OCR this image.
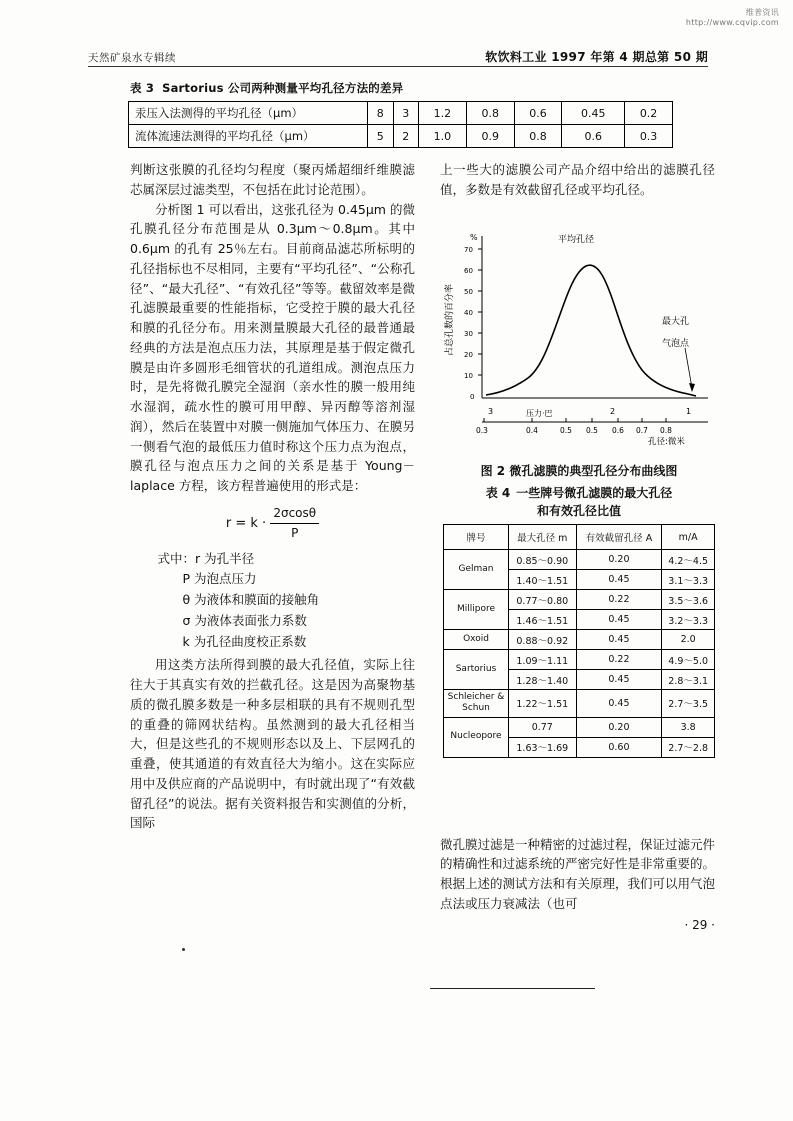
维普资讯
http://www.cqvip.com
天然矿泉水专辑续	软饮料工业 1997 年第 4 期总第 50 期
表 3 Sartorius 公司两种测量平均孔径方法的差异
汞压入法测得的平均孔径（μm）	8	3	1.2	0.8	0.6	0.45	0.2
流体流速法测得的平均孔径（μm）	5	2	1.0	0.9	0.8	0.6	0.3

判断这张膜的孔径均匀程度（聚丙烯超细纤维膜滤芯属深层过滤类型，不包括在此讨论范围）。

分析图 1 可以看出，这张孔径为 0.45μm 的微孔膜孔径分布范围是从 0.3μm～0.8μm。其中 0.6μm 的孔有 25％左右。目前商品滤芯所标明的孔径指标也不尽相同，主要有“平均孔径”、“公称孔径”、“最大孔径”、“有效孔径”等等。截留效率是微孔滤膜最重要的性能指标，它受控于膜的最大孔径和膜的孔径分布。用来测量膜最大孔径的最普通最经典的方法是泡点压力法，其原理是基于假定微孔膜是由许多圆形毛细管状的孔道组成。测泡点压力时，是先将微孔膜完全湿润（亲水性的膜一般用纯水湿润，疏水性的膜可用甲醇、异丙醇等溶剂湿润），然后在装置中对膜一侧施加气体压力、在膜另一侧看气泡的最低压力值时称这个压力点为泡点，膜孔径与泡点压力之间的关系是基于 Young－laplace 方程，该方程普遍使用的形式是：

$r = k \cdot \frac{2\sigma\cos\theta}{P}$
式中：r 为孔半径
P 为泡点压力
θ 为液体和膜面的接触角
σ 为液体表面张力系数
k 为孔径曲度校正系数

用这类方法所得到膜的最大孔径值，实际上往往大于其真实有效的拦截孔径。这是因为高聚物基质的微孔膜多数是一种多层相联的具有不规则孔型的重叠的筛网状结构。虽然测到的最大孔径相当大，但是这些孔的不规则形态以及上、下层网孔的重叠，使其通道的有效直径大为缩小。这在实际应用中及供应商的产品说明中，有时就出现了“有效截留孔径”的说法。据有关资料报告和实测值的分析，国际

上一些大的滤膜公司产品介绍中给出的滤膜孔径值，多数是有效截留孔径或平均孔径。

70
60
50
40
30
20
10
0
%
占总孔数的百分率
平均孔径
最大孔
气泡点
3	压力·巴	2	1
0.3	0.4	0.5 0.5 0.6 0.7 0.8
孔径:微米
图 2 微孔滤膜的典型孔径分布曲线图
表 4 一些牌号微孔滤膜的最大孔径
和有效孔径比值
牌号	最大孔径 m	有效截留孔径 A	m/A
Gelman	0.85～0.90	0.20	4.2～4.5
	1.40～1.51	0.45	3.1～3.3
Millipore	0.77～0.80	0.22	3.5～3.6
	1.46～1.51	0.45	3.2～3.3
Oxoid	0.88～0.92	0.45	2.0
Sartorius	1.09～1.11	0.22	4.9～5.0
	1.28～1.40	0.45	2.8～3.1
Schleicher & Schun	1.22～1.51	0.45	2.7～3.5
Nucleopore	0.77	0.20	3.8
	1.63～1.69	0.60	2.7～2.8

微孔膜过滤是一种精密的过滤过程，保证过滤元件的精确性和过滤系统的严密完好性是非常重要的。根据上述的测试方法和有关原理，我们可以用气泡点法或压力衰减法（也可

· 29 ·
